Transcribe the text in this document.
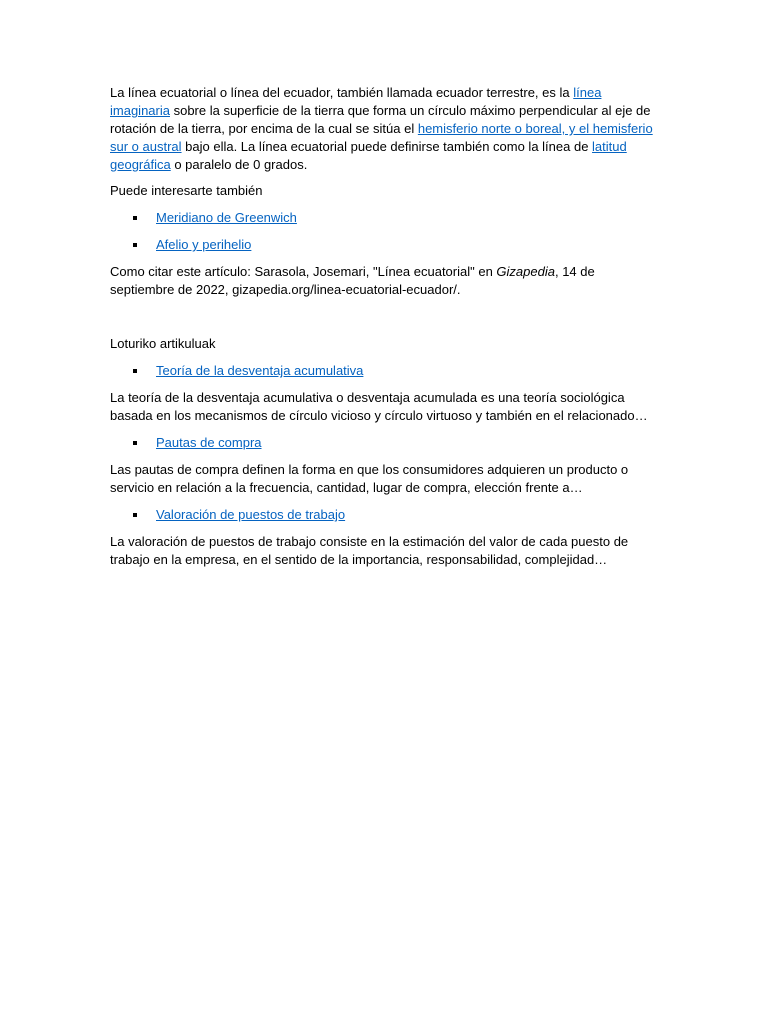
La línea ecuatorial o línea del ecuador, también llamada ecuador terrestre, es la línea imaginaria sobre la superficie de la tierra que forma un círculo máximo perpendicular al eje de rotación de la tierra, por encima de la cual se sitúa el hemisferio norte o boreal, y el hemisferio sur o austral bajo ella. La línea ecuatorial puede definirse también como la línea de latitud geográfica o paralelo de 0 grados.

Puede interesarte también

Meridiano de Greenwich
Afelio y perihelio

Como citar este artículo: Sarasola, Josemari, "Línea ecuatorial" en Gizapedia, 14 de septiembre de 2022, gizapedia.org/linea-ecuatorial-ecuador/.

Loturiko artikuluak

Teoría de la desventaja acumulativa

La teoría de la desventaja acumulativa o desventaja acumulada es una teoría sociológica basada en los mecanismos de círculo vicioso y círculo virtuoso y también en el relacionado…

Pautas de compra

Las pautas de compra definen la forma en que los consumidores adquieren un producto o servicio en relación a la frecuencia, cantidad, lugar de compra, elección frente a…

Valoración de puestos de trabajo

La valoración de puestos de trabajo consiste en la estimación del valor de cada puesto de trabajo en la empresa, en el sentido de la importancia, responsabilidad, complejidad…
